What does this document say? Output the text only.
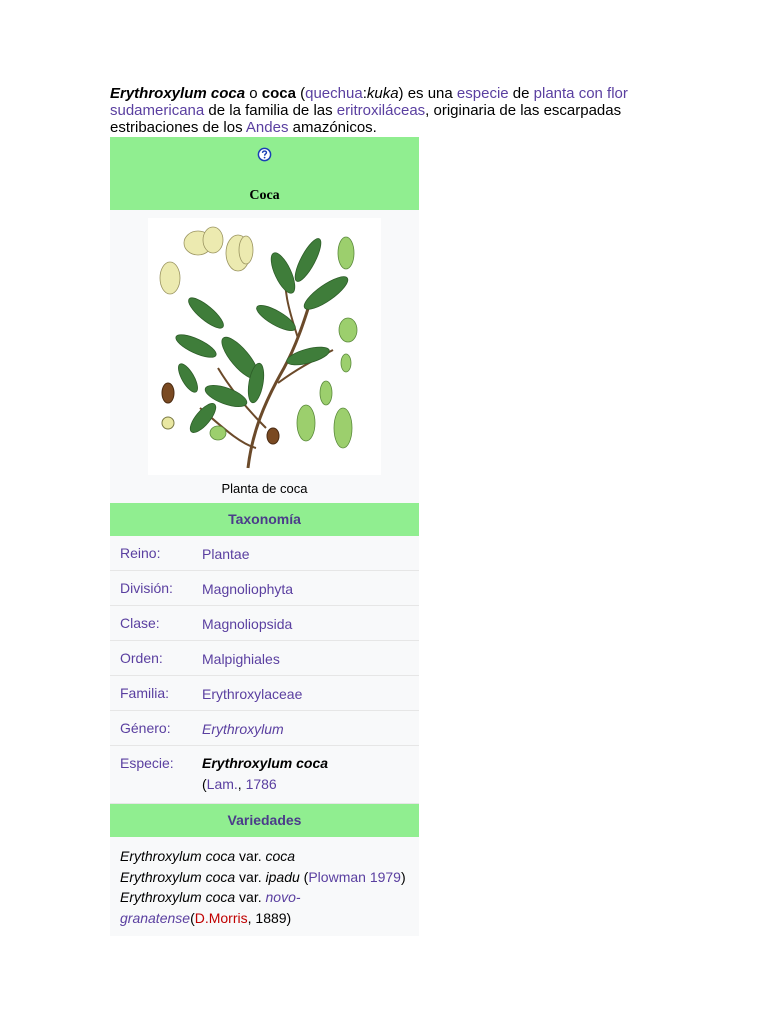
Erythroxylum coca o coca (quechua:kuka) es una especie de planta con flor sudamericana de la familia de las eritroxiláceas, originaria de las escarpadas estribaciones de los Andes amazónicos.

Coca
Planta de coca
Taxonomía
Reino:	Plantae
División:	Magnoliophyta
Clase:	Magnoliopsida
Orden:	Malpighiales
Familia:	Erythroxylaceae
Género:	Erythroxylum
Especie:	Erythroxylum coca
(Lam., 1786
Variedades
Erythroxylum coca var. coca
Erythroxylum coca var. ipadu (Plowman 1979)
Erythroxylum coca var. novo-granatense(D.Morris, 1889)
